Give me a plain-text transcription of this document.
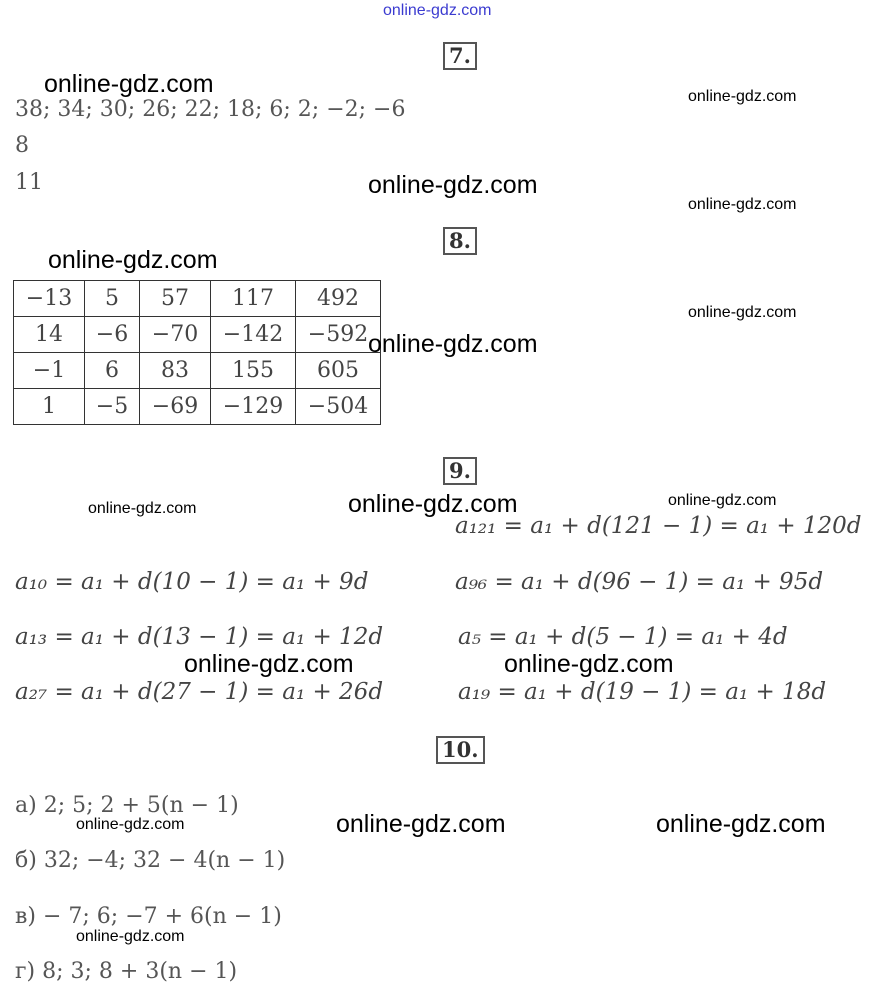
online-gdz.com
7.
38; 34; 30; 26; 22; 18; 6; 2; −2; −6
8
11
8.
−13	5	57	117	492
14	−6	−70	−142	−592
−1	6	83	155	605
1	−5	−69	−129	−504
9.
a₁₂₁ = a₁ + d(121 − 1) = a₁ + 120d
a₁₀ = a₁ + d(10 − 1) = a₁ + 9d	a₉₆ = a₁ + d(96 − 1) = a₁ + 95d
a₁₃ = a₁ + d(13 − 1) = a₁ + 12d	a₅ = a₁ + d(5 − 1) = a₁ + 4d
a₂₇ = a₁ + d(27 − 1) = a₁ + 26d	a₁₉ = a₁ + d(19 − 1) = a₁ + 18d
10.
а) 2; 5; 2 + 5(n − 1)
б) 32; −4; 32 − 4(n − 1)
в) − 7; 6; −7 + 6(n − 1)
г) 8; 3; 8 + 3(n − 1)
online-gdz.com	online-gdz.com
online-gdz.com
online-gdz.com
online-gdz.com
online-gdz.com
online-gdz.com
online-gdz.com	online-gdz.com	online-gdz.com
online-gdz.com	online-gdz.com
online-gdz.com	online-gdz.com	online-gdz.com
online-gdz.com
